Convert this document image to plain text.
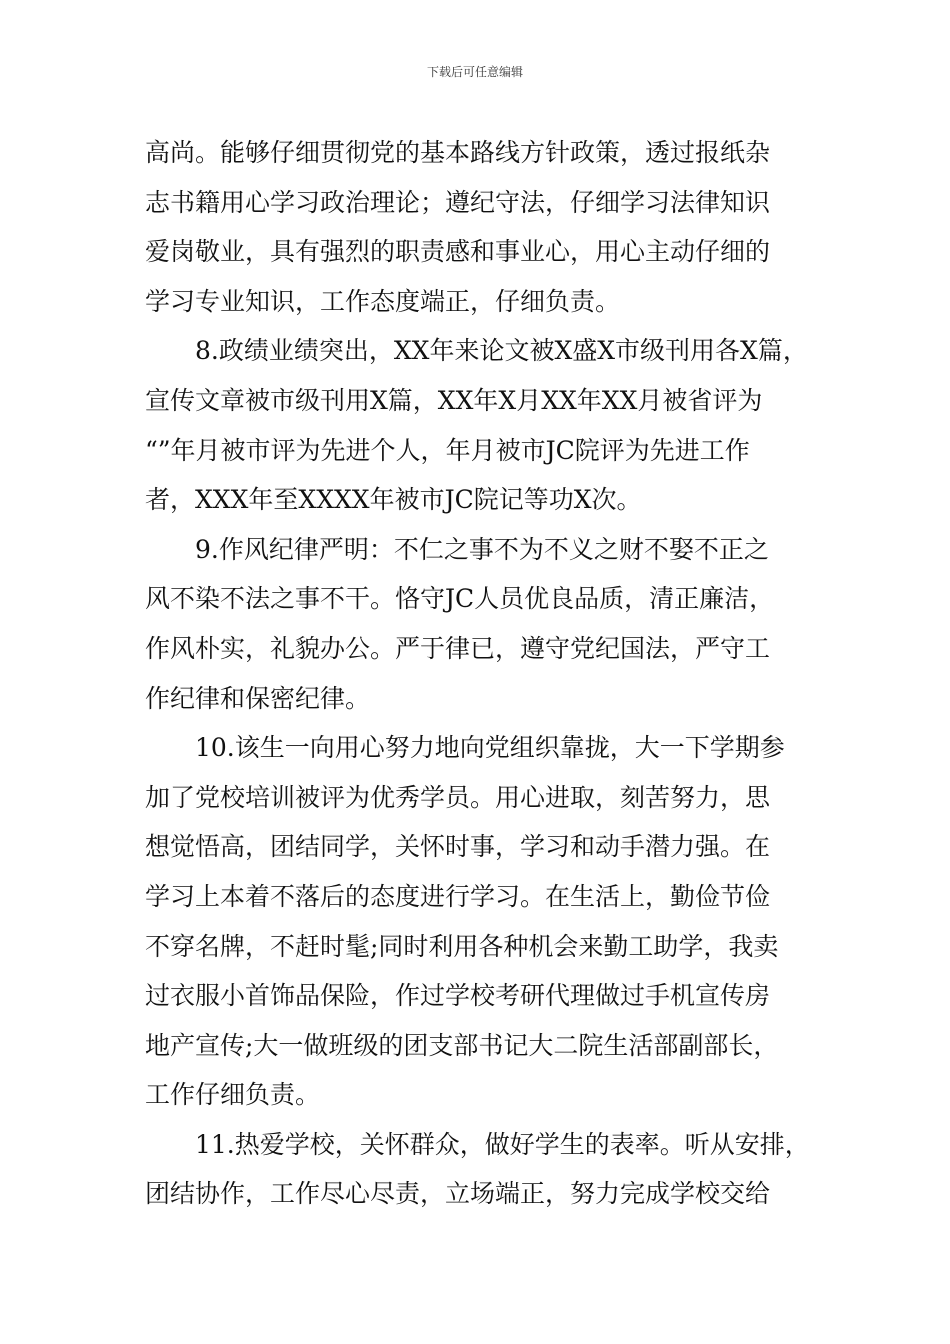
下载后可任意编辑
高尚。能够仔细贯彻党的基本路线方针政策，透过报纸杂
志书籍用心学习政治理论；遵纪守法，仔细学习法律知识
爱岗敬业，具有强烈的职责感和事业心，用心主动仔细的
学习专业知识，工作态度端正，仔细负责。
8.政绩业绩突出，XX年来论文被X盛X市级刊用各X篇，
宣传文章被市级刊用X篇，XX年X月XX年XX月被省评为
“”年月被市评为先进个人，年月被市JC院评为先进工作
者，XXX年至XXXX年被市JC院记等功X次。
9.作风纪律严明：不仁之事不为不义之财不娶不正之
风不染不法之事不干。恪守JC人员优良品质，清正廉洁，
作风朴实，礼貌办公。严于律已，遵守党纪国法，严守工
作纪律和保密纪律。
10.该生一向用心努力地向党组织靠拢，大一下学期参
加了党校培训被评为优秀学员。用心进取，刻苦努力，思
想觉悟高，团结同学，关怀时事，学习和动手潜力强。在
学习上本着不落后的态度进行学习。在生活上，勤俭节俭
不穿名牌，不赶时髦;同时利用各种机会来勤工助学，我卖
过衣服小首饰品保险，作过学校考研代理做过手机宣传房
地产宣传;大一做班级的团支部书记大二院生活部副部长，
工作仔细负责。
11.热爱学校，关怀群众，做好学生的表率。听从安排，
团结协作，工作尽心尽责，立场端正，努力完成学校交给
